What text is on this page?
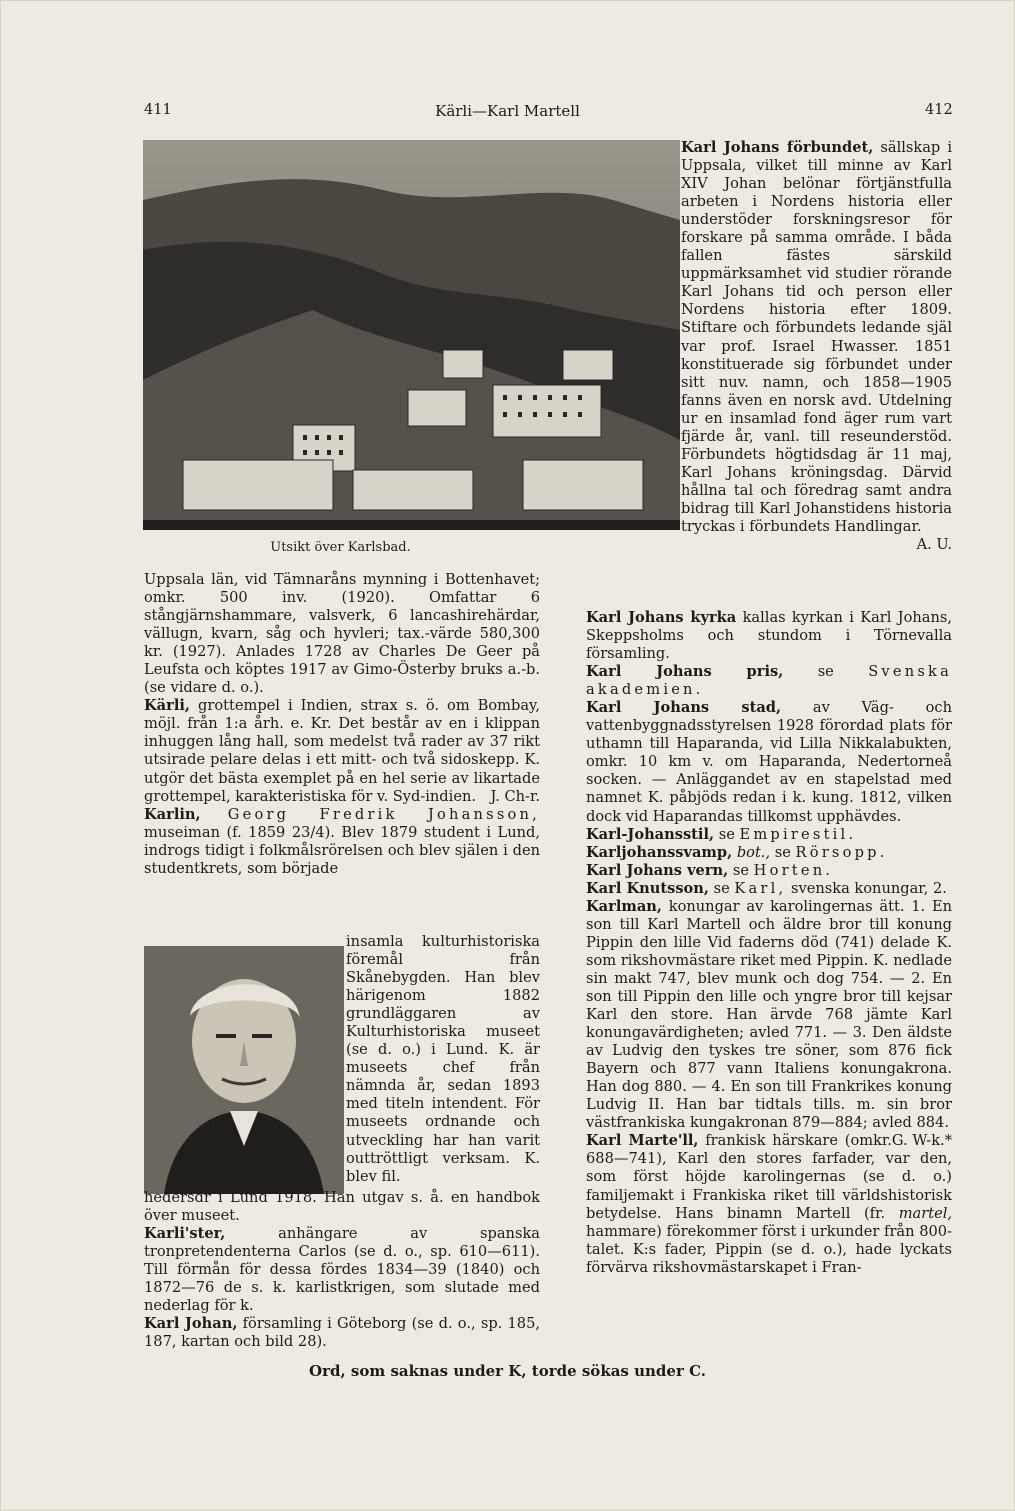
411	Kärli—Karl Martell	412
Utsikt över Karlsbad.

Uppsala län, vid Tämnaråns mynning i Bottenhavet; omkr. 500 inv. (1920). Omfattar 6 stångjärnshammare, valsverk, 6 lancashirehärdar, vällugn, kvarn, såg och hyvleri; tax.-värde 580,300 kr. (1927). Anlades 1728 av Charles De Geer på Leufsta och köptes 1917 av Gimo-Österby bruks a.-b. (se vidare d. o.).

Kärli, grottempel i Indien, strax s. ö. om Bombay, möjl. från 1:a årh. e. Kr. Det består av en i klippan inhuggen lång hall, som medelst två rader av 37 rikt utsirade pelare delas i ett mitt- och två sidoskepp. K. utgör det bästa exemplet på en hel serie av likartade grottempel, karakteristiska för v. Syd-indien. J. Ch-r.

Karlin, Georg Fredrik Johansson, museiman (f. 1859 23/4). Blev 1879 student i Lund, indrogs tidigt i folkmålsrörelsen och blev själen i den studentkrets, som började

insamla kulturhistoriska föremål från Skånebygden. Han blev härigenom 1882 grundläggaren av Kulturhistoriska museet (se d. o.) i Lund. K. är museets chef från nämnda år, sedan 1893 med titeln intendent. För museets ordnande och utveckling har han varit outtröttligt verksam. K. blev fil.

hedersdr i Lund 1918. Han utgav s. å. en handbok över museet.

Karli'ster,	anhängare av spanska tronpretendenterna Carlos (se d. o., sp. 610—611). Till förmån för dessa fördes 1834—39 (1840) och 1872—76 de s. k. karlistkrigen, som slutade med nederlag för k.

Karl Johan, församling i Göteborg (se d. o., sp. 185, 187, kartan och bild 28).

Karl Johans förbundet, sällskap i Uppsala, vilket till minne av Karl XIV Johan belönar förtjänstfulla arbeten i Nordens historia eller understöder forskningsresor för forskare på samma område. I båda fallen fästes särskild uppmärksamhet vid studier rörande Karl Johans tid och person eller Nordens historia efter 1809. Stiftare och förbundets ledande själ var prof. Israel Hwasser. 1851 konstituerade sig förbundet under sitt nuv. namn, och 1858—1905 fanns även en norsk avd. Utdelning ur en insamlad fond äger rum vart fjärde år, vanl. till reseunderstöd. Förbundets högtidsdag är 11 maj, Karl Johans kröningsdag. Därvid hållna tal och föredrag samt andra bidrag till Karl Johanstidens historia tryckas i förbundets Handlingar.
A. U.

Karl Johans kyrka kallas kyrkan i Karl Johans, Skeppsholms och stundom i Törnevalla församling.

Karl Johans pris, se Svenska akademien.

Karl Johans stad, av Väg- och vattenbyggnadsstyrelsen 1928 förordad plats för uthamn till Haparanda, vid Lilla Nikkalabukten, omkr. 10 km v. om Haparanda, Nedertorneå socken. — Anläggandet av en stapelstad med namnet K. påbjöds redan i k. kung. 1812, vilken dock vid Haparandas tillkomst upphävdes.

Karl-Johansstil, se Empirestil.

Karljohanssvamp, bot., se Rörsopp.

Karl Johans vern, se Horten.

Karl Knutsson, se Karl, svenska konungar, 2.

Karlman, konungar av karolingernas ätt. 1. En son till Karl Martell och äldre bror till konung Pippin den lille Vid faderns död (741) delade K. som rikshovmästare riket med Pippin. K. nedlade sin makt 747, blev munk och dog 754. — 2. En son till Pippin den lille och yngre bror till kejsar Karl den store. Han ärvde 768 jämte Karl konungavärdigheten; avled 771. — 3. Den äldste av Ludvig den tyskes tre söner, som 876 fick Bayern och 877 vann Italiens konungakrona. Han dog 880. — 4. En son till Frankrikes konung Ludvig II. Han bar tidtals tills. m. sin bror västfrankiska kungakronan 879—884; avled 884.
G. W-k.*

Karl Marte'll, frankisk härskare (omkr. 688—741), Karl den stores farfader, var den, som först höjde karolingernas (se d. o.) familjemakt i Frankiska riket till världshistorisk betydelse. Hans binamn Martell (fr. martel, hammare) förekommer först i urkunder från 800-talet. K:s fader, Pippin (se d. o.), hade lyckats förvärva rikshovmästarskapet i Fran-

Ord, som saknas under K, torde sökas under C.
